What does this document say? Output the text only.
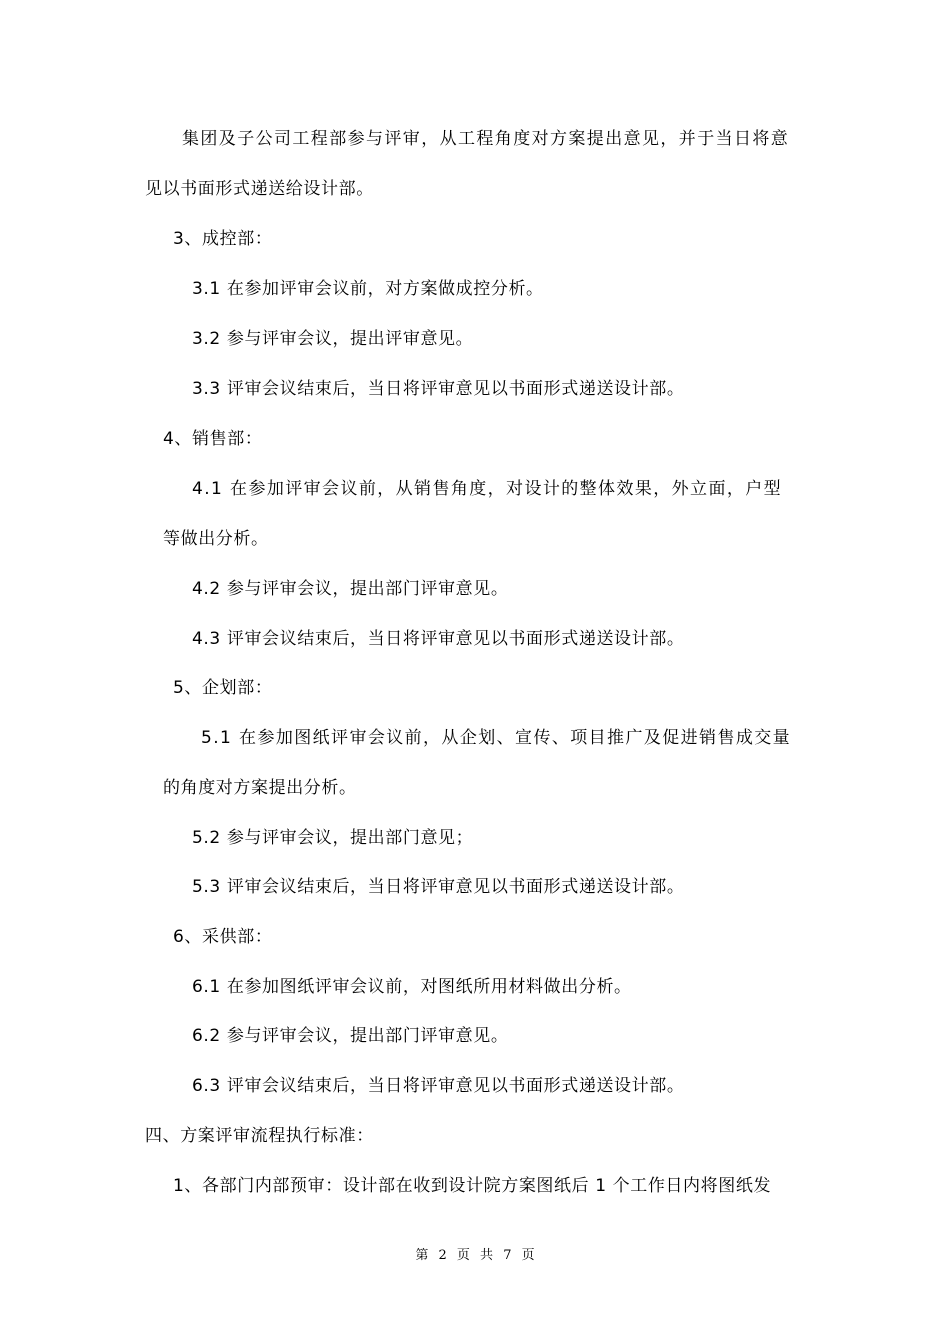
集团及子公司工程部参与评审，从工程角度对方案提出意见，并于当日将意
见以书面形式递送给设计部。
3、成控部：
3.1 在参加评审会议前，对方案做成控分析。
3.2 参与评审会议，提出评审意见。
3.3 评审会议结束后，当日将评审意见以书面形式递送设计部。
4、销售部：
4.1 在参加评审会议前，从销售角度，对设计的整体效果，外立面，户型
等做出分析。
4.2 参与评审会议，提出部门评审意见。
4.3 评审会议结束后，当日将评审意见以书面形式递送设计部。
5、企划部：
5.1 在参加图纸评审会议前，从企划、宣传、项目推广及促进销售成交量
的角度对方案提出分析。
5.2 参与评审会议，提出部门意见；
5.3 评审会议结束后，当日将评审意见以书面形式递送设计部。
6、采供部：
6.1 在参加图纸评审会议前，对图纸所用材料做出分析。
6.2 参与评审会议，提出部门评审意见。
6.3 评审会议结束后，当日将评审意见以书面形式递送设计部。
四、方案评审流程执行标准：
1、各部门内部预审：设计部在收到设计院方案图纸后 1 个工作日内将图纸发
第 2 页 共 7 页
